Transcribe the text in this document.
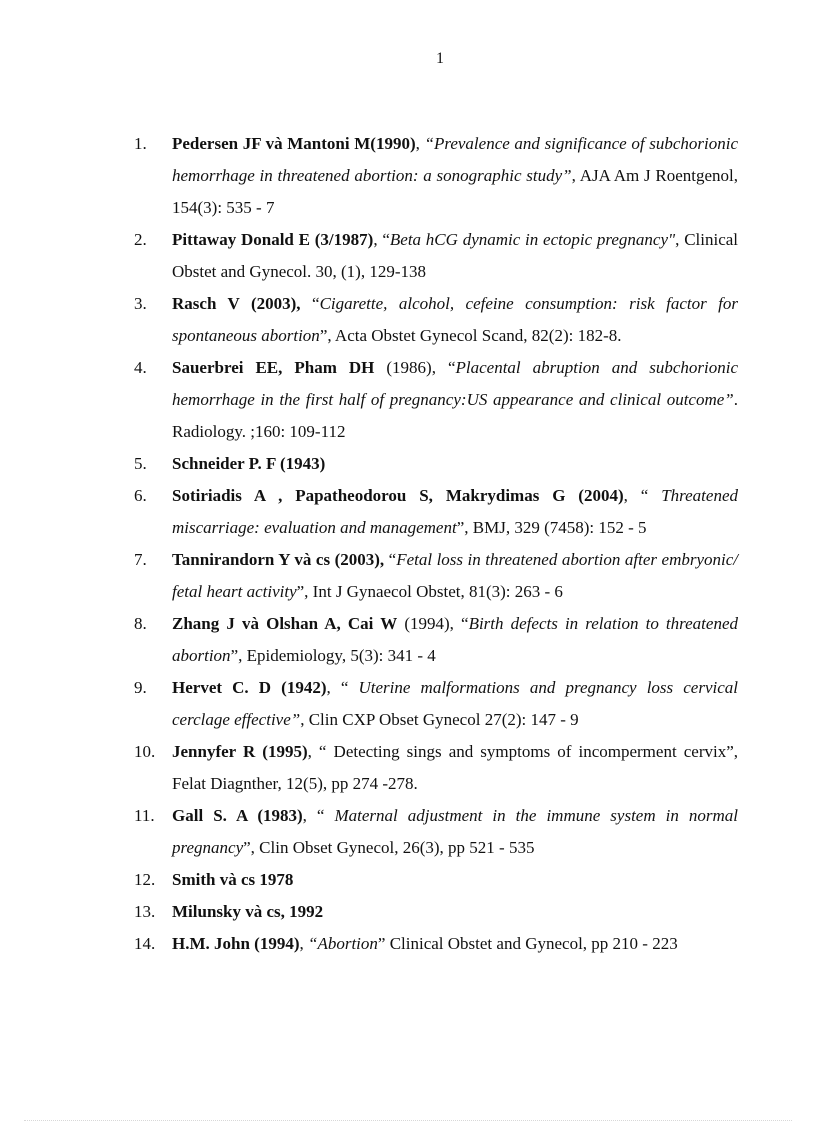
1
1. Pedersen JF và Mantoni M(1990), “Prevalence and significance of subchorionic hemorrhage in threatened abortion: a sonographic study”, AJA Am J Roentgenol, 154(3): 535 - 7
2. Pittaway Donald E (3/1987), “Beta hCG dynamic in ectopic pregnancy", Clinical Obstet and Gynecol. 30, (1), 129-138
3. Rasch V (2003), “Cigarette, alcohol, cefeine consumption: risk factor for spontaneous abortion”, Acta Obstet Gynecol Scand, 82(2): 182-8.
4. Sauerbrei EE, Pham DH (1986), “Placental abruption and subchorionic hemorrhage in the first half of pregnancy:US appearance and clinical outcome”. Radiology. ;160: 109-112
5. Schneider P. F (1943)
6. Sotiriadis A , Papatheodorou S, Makrydimas G (2004), “ Threatened miscarriage: evaluation and management”, BMJ, 329 (7458): 152 - 5
7. Tannirandorn Y và cs (2003), “Fetal loss in threatened abortion after embryonic/ fetal heart activity”, Int J Gynaecol Obstet, 81(3): 263 - 6
8. Zhang J và Olshan A, Cai W (1994), “Birth defects in relation to threatened abortion”, Epidemiology, 5(3): 341 - 4
9. Hervet C. D (1942), “ Uterine malformations and pregnancy loss cervical cerclage effective”, Clin CXP Obset Gynecol 27(2): 147 - 9
10. Jennyfer R (1995), “ Detecting sings and symptoms of incomperment cervix”, Felat Diagnther, 12(5), pp 274 -278.
11. Gall S. A (1983), “ Maternal adjustment in the immune system in normal pregnancy”, Clin Obset Gynecol, 26(3), pp 521 - 535
12. Smith và cs 1978
13. Milunsky và cs, 1992
14. H.M. John (1994), “Abortion” Clinical Obstet and Gynecol, pp 210 - 223
